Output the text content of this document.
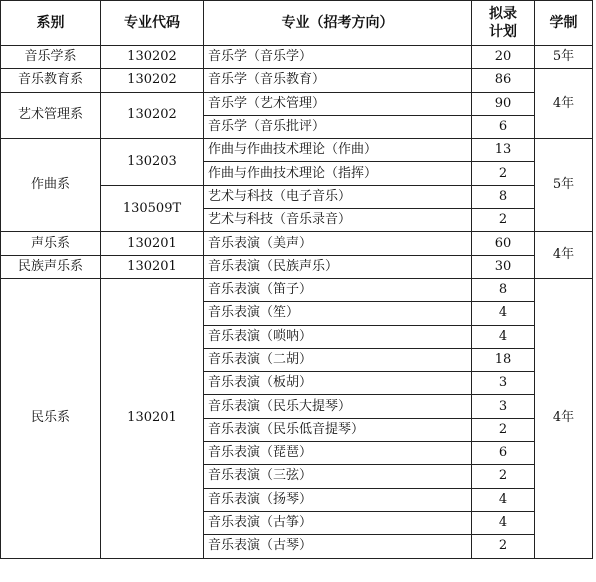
系别	专业代码	专业（招考方向）	拟录计划	学制
音乐学系	130202	音乐学（音乐学）	20	5年
音乐教育系	130202	音乐学（音乐教育）	86	4年
艺术管理系	130202	音乐学（艺术管理）	90	
		音乐学（音乐批评）	6	
作曲系	130203	作曲与作曲技术理论（作曲）	13	5年
		作曲与作曲技术理论（指挥）	2	
	130509T	艺术与科技（电子音乐）	8	
		艺术与科技（音乐录音）	2	
声乐系	130201	音乐表演（美声）	60	4年
民族声乐系	130201	音乐表演（民族声乐）	30	
民乐系	130201	音乐表演（笛子）	8	4年
		音乐表演（笙）	4	
		音乐表演（唢呐）	4	
		音乐表演（二胡）	18	
		音乐表演（板胡）	3	
		音乐表演（民乐大提琴）	3	
		音乐表演（民乐低音提琴）	2	
		音乐表演（琵琶）	6	
		音乐表演（三弦）	2	
		音乐表演（扬琴）	4	
		音乐表演（古筝）	4	
		音乐表演（古琴）	2	
